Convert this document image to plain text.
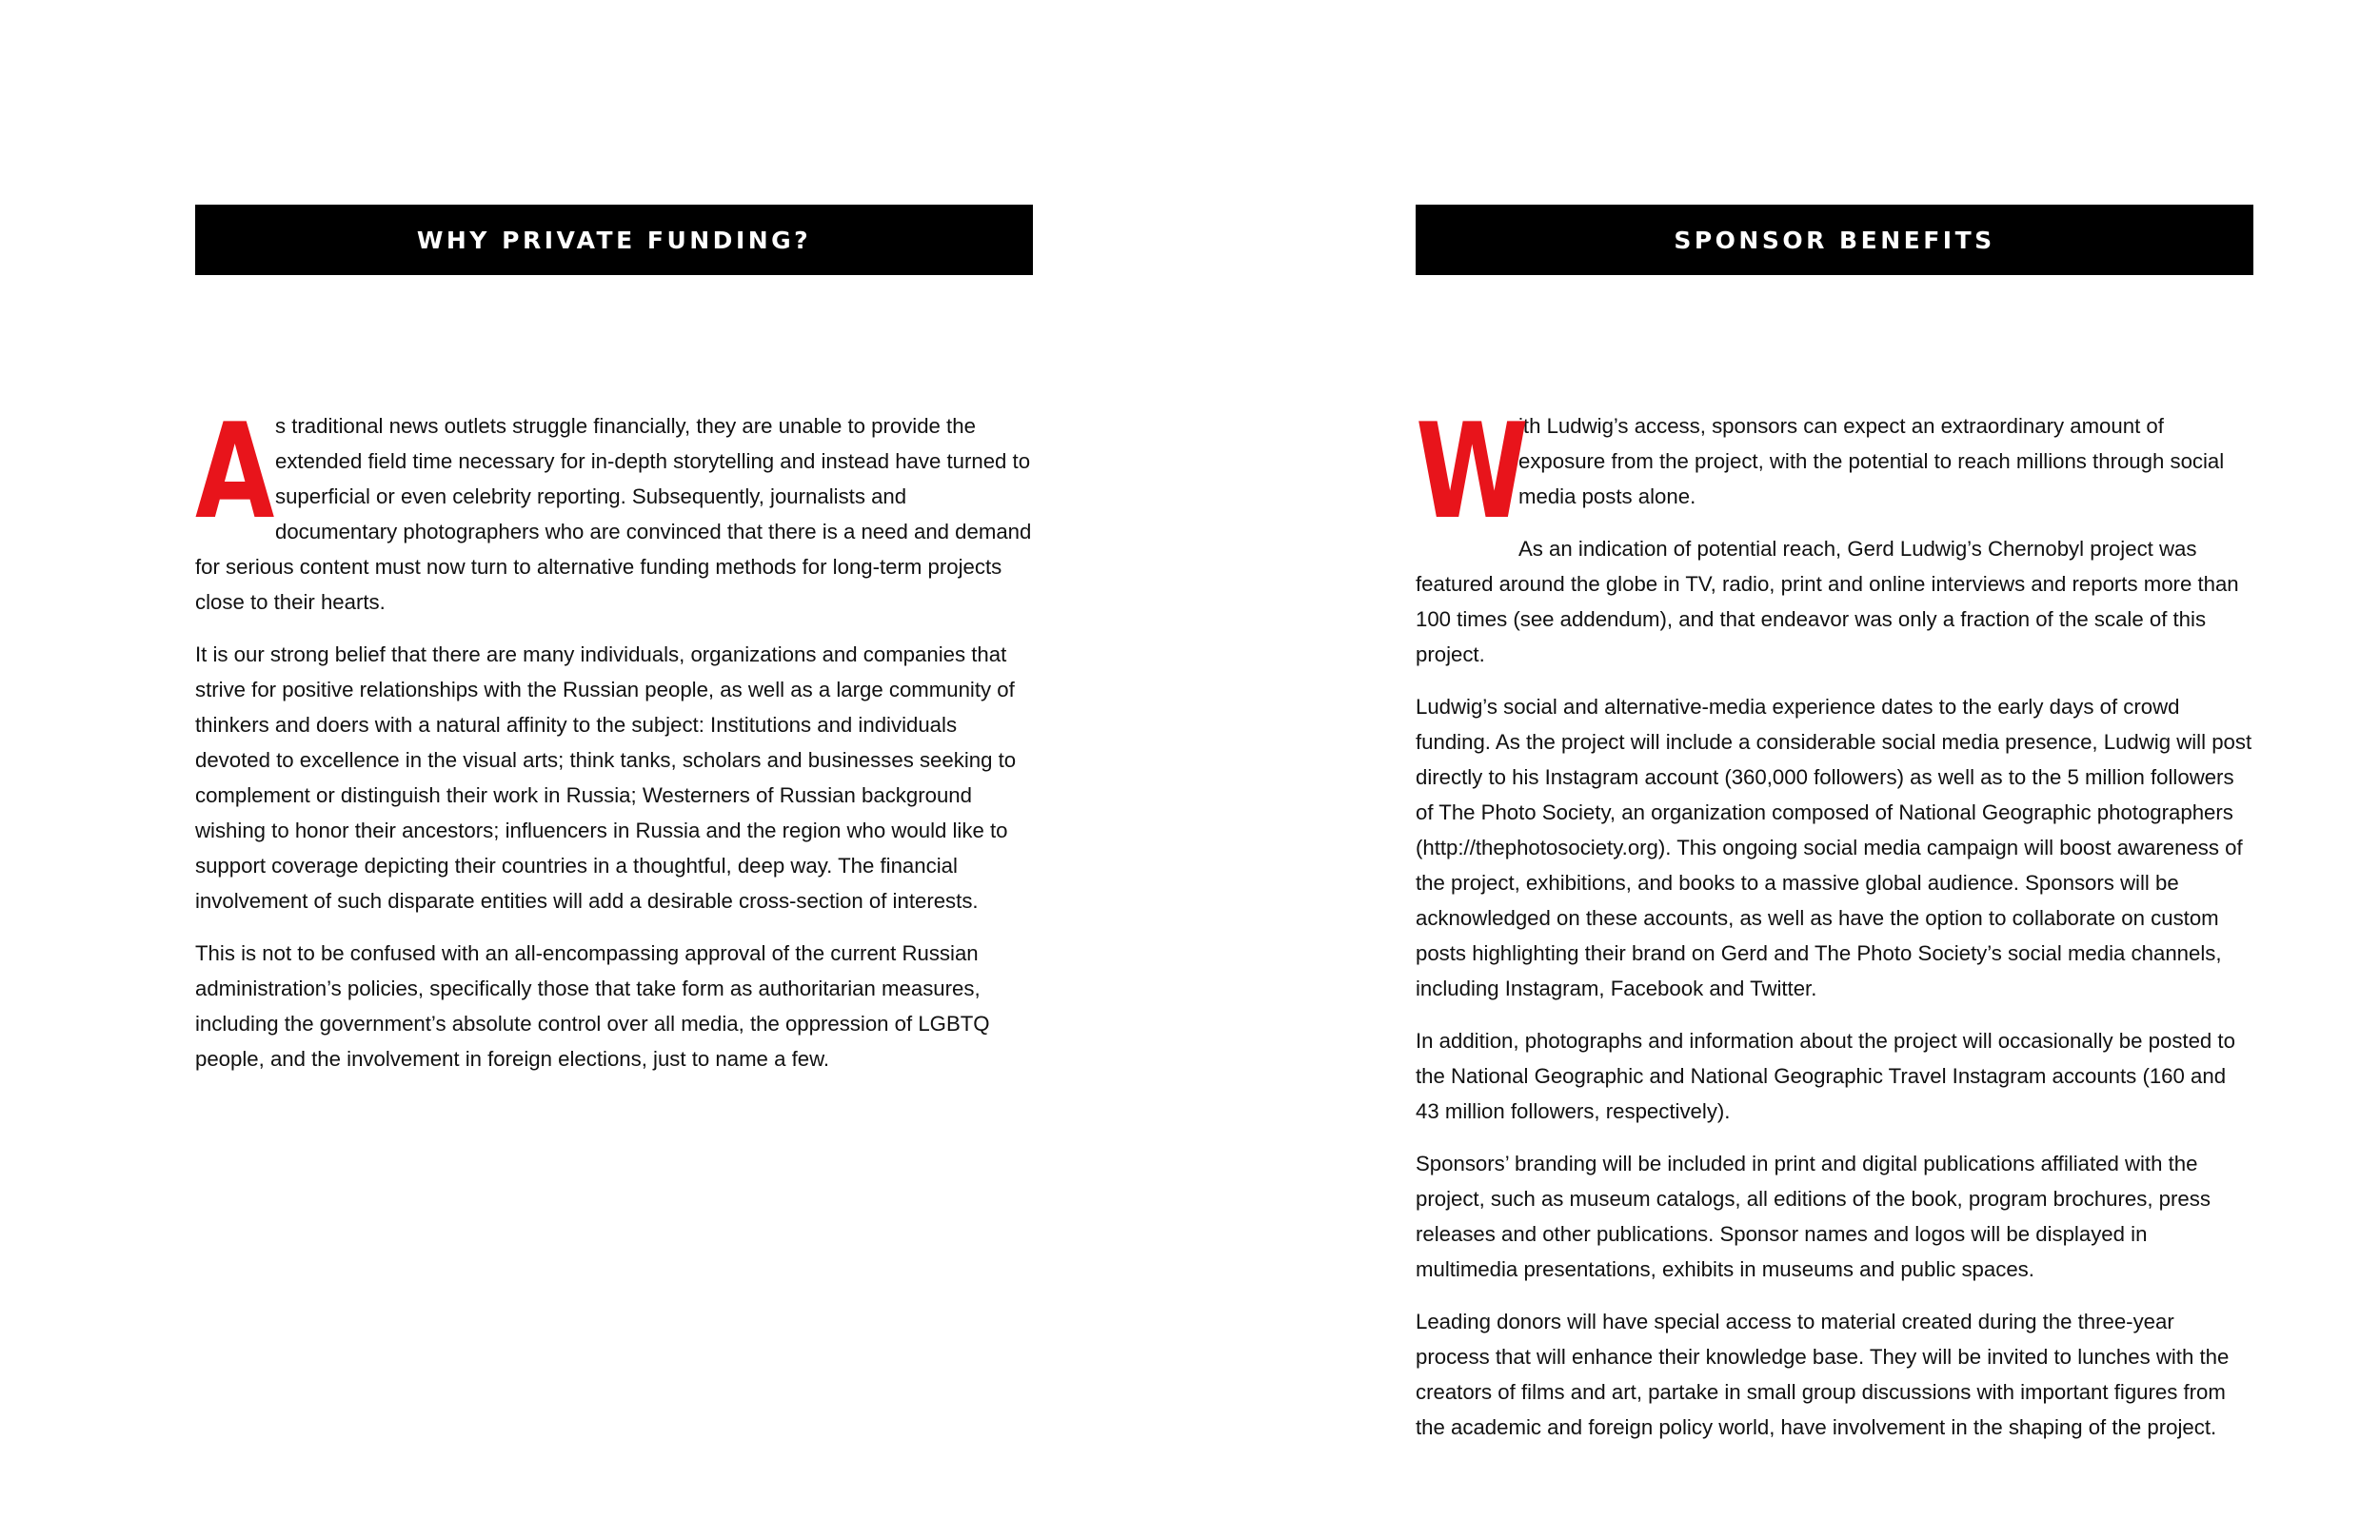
WHY PRIVATE FUNDING?

As traditional news outlets struggle financially, they are unable to provide the extended field time necessary for in-depth storytelling and instead have turned to superficial or even celebrity reporting. Subsequently, journalists and documentary photographers who are convinced that there is a need and demand for serious content must now turn to alternative funding methods for long-term projects close to their hearts.

It is our strong belief that there are many individuals, organizations and companies that strive for positive relationships with the Russian people, as well as a large community of thinkers and doers with a natural affinity to the subject: Institutions and individuals devoted to excellence in the visual arts; think tanks, scholars and businesses seeking to complement or distinguish their work in Russia; Westerners of Russian background wishing to honor their ancestors; influencers in Russia and the region who would like to support coverage depicting their countries in a thoughtful, deep way. The financial involvement of such disparate entities will add a desirable cross-section of interests.

This is not to be confused with an all-encompassing approval of the current Russian administration’s policies, specifically those that take form as authoritarian measures, including the government’s absolute control over all media, the oppression of LGBTQ people, and the involvement in foreign elections, just to name a few.

SPONSOR BENEFITS

W
ith Ludwig’s access, sponsors can expect an extraordinary amount of exposure from the project, with the potential to reach millions through social media posts alone.

As an indication of potential reach, Gerd Ludwig’s Chernobyl project was featured around the globe in TV, radio, print and online interviews and reports more than 100 times (see addendum), and that endeavor was only a fraction of the scale of this project.

Ludwig’s social and alternative-media experience dates to the early days of crowd funding. As the project will include a considerable social media presence, Ludwig will post directly to his Instagram account (360,000 followers) as well as to the 5 million followers of The Photo Society, an organization composed of National Geographic photographers (http://thephotosociety.org). This ongoing social media campaign will boost awareness of the project, exhibitions, and books to a massive global audience. Sponsors will be acknowledged on these accounts, as well as have the option to collaborate on custom posts highlighting their brand on Gerd and The Photo Society’s social media channels, including Instagram, Facebook and Twitter.

In addition, photographs and information about the project will occasionally be posted to the National Geographic and National Geographic Travel Instagram accounts (160 and 43 million followers, respectively).

Sponsors’ branding will be included in print and digital publications affiliated with the project, such as museum catalogs, all editions of the book, program brochures, press releases and other publications. Sponsor names and logos will be displayed in multimedia presentations, exhibits in museums and public spaces.

Leading donors will have special access to material created during the three-year process that will enhance their knowledge base. They will be invited to lunches with the creators of films and art, partake in small group discussions with important figures from the academic and foreign policy world, have involvement in the shaping of the project.
